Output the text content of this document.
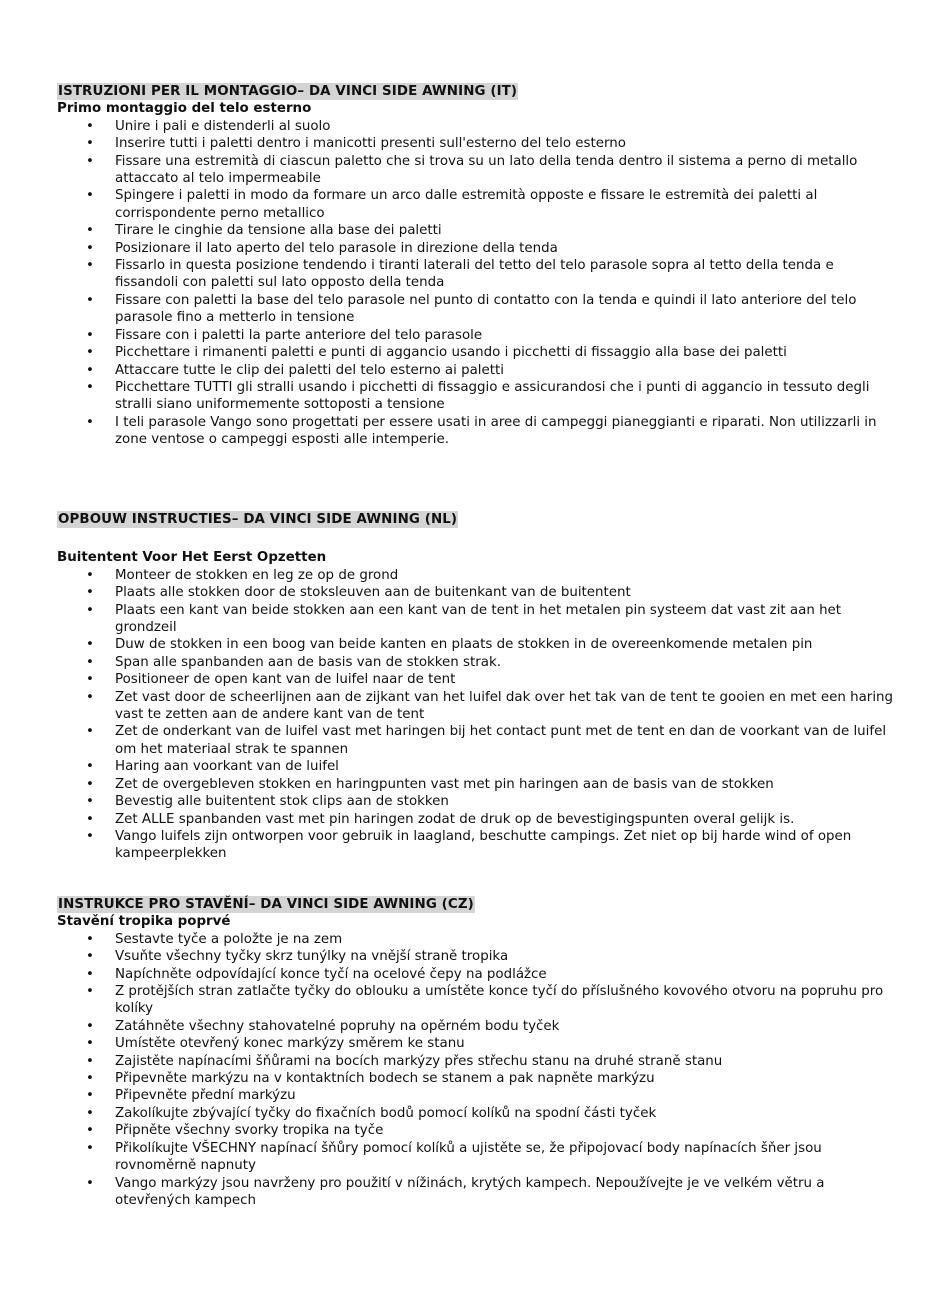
ISTRUZIONI PER IL MONTAGGIO– DA VINCI SIDE AWNING (IT)
Primo montaggio del telo esterno
• Unire i pali e distenderli al suolo
• Inserire tutti i paletti dentro i manicotti presenti sull'esterno del telo esterno
• Fissare una estremità di ciascun paletto che si trova su un lato della tenda dentro il sistema a perno di metallo attaccato al telo impermeabile
• Spingere i paletti in modo da formare un arco dalle estremità opposte e fissare le estremità dei paletti al corrispondente perno metallico
• Tirare le cinghie da tensione alla base dei paletti
• Posizionare il lato aperto del telo parasole in direzione della tenda
• Fissarlo in questa posizione tendendo i tiranti laterali del tetto del telo parasole sopra al tetto della tenda e fissandoli con paletti sul lato opposto della tenda
• Fissare con paletti la base del telo parasole nel punto di contatto con la tenda e quindi il lato anteriore del telo parasole fino a metterlo in tensione
• Fissare con i paletti la parte anteriore del telo parasole
• Picchettare i rimanenti paletti e punti di aggancio usando i picchetti di fissaggio alla base dei paletti
• Attaccare tutte le clip dei paletti del telo esterno ai paletti
• Picchettare TUTTI gli stralli usando i picchetti di fissaggio e assicurandosi che i punti di aggancio in tessuto degli stralli siano uniformemente sottoposti a tensione
• I teli parasole Vango sono progettati per essere usati in aree di campeggi pianeggianti e riparati. Non utilizzarli in zone ventose o campeggi esposti alle intemperie.
OPBOUW INSTRUCTIES– DA VINCI SIDE AWNING (NL)
Buitentent Voor Het Eerst Opzetten
• Monteer de stokken en leg ze op de grond
• Plaats alle stokken door de stoksleuven aan de buitenkant van de buitentent
• Plaats een kant van beide stokken aan een kant van de tent in het metalen pin systeem dat vast zit aan het grondzeil
• Duw de stokken in een boog van beide kanten en plaats de stokken in de overeenkomende metalen pin
• Span alle spanbanden aan de basis van de stokken strak.
• Positioneer de open kant van de luifel naar de tent
• Zet vast door de scheerlijnen aan de zijkant van het luifel dak over het tak van de tent te gooien en met een haring vast te zetten aan de andere kant van de tent
• Zet de onderkant van de luifel vast met haringen bij het contact punt met de tent en dan de voorkant van de luifel om het materiaal strak te spannen
• Haring aan voorkant van de luifel
• Zet de overgebleven stokken en haringpunten vast met pin haringen aan de basis van de stokken
• Bevestig alle buitentent stok clips aan de stokken
• Zet ALLE spanbanden vast met pin haringen zodat de druk op de bevestigingspunten overal gelijk is.
• Vango luifels zijn ontworpen voor gebruik in laagland, beschutte campings. Zet niet op bij harde wind of open kampeerplekken
INSTRUKCE PRO STAVĚNÍ– DA VINCI SIDE AWNING (CZ)
Stavění tropika poprvé
• Sestavte tyče a položte je na zem
• Vsuňte všechny tyčky skrz tunýlky na vnější straně tropika
• Napíchněte odpovídající konce tyčí na ocelové čepy na podlážce
• Z protějších stran zatlačte tyčky do oblouku a umístěte konce tyčí do příslušného kovového otvoru na popruhu pro kolíky
• Zatáhněte všechny stahovatelné popruhy na opěrném bodu tyček
• Umístěte otevřený konec markýzy směrem ke stanu
• Zajistěte napínacími šňůrami na bocích markýzy přes střechu stanu na druhé straně stanu
• Připevněte markýzu na v kontaktních bodech se stanem a pak napněte markýzu
• Připevněte přední markýzu
• Zakolíkujte zbývající tyčky do fixačních bodů pomocí kolíků na spodní části tyček
• Připněte všechny svorky tropika na tyče
• Přikolíkujte VŠECHNY napínací šňůry pomocí kolíků a ujistěte se, že připojovací body napínacích šňer jsou rovnoměrně napnuty
• Vango markýzy jsou navrženy pro použití v nížinách, krytých kampech. Nepoužívejte je ve velkém větru a otevřených kampech
